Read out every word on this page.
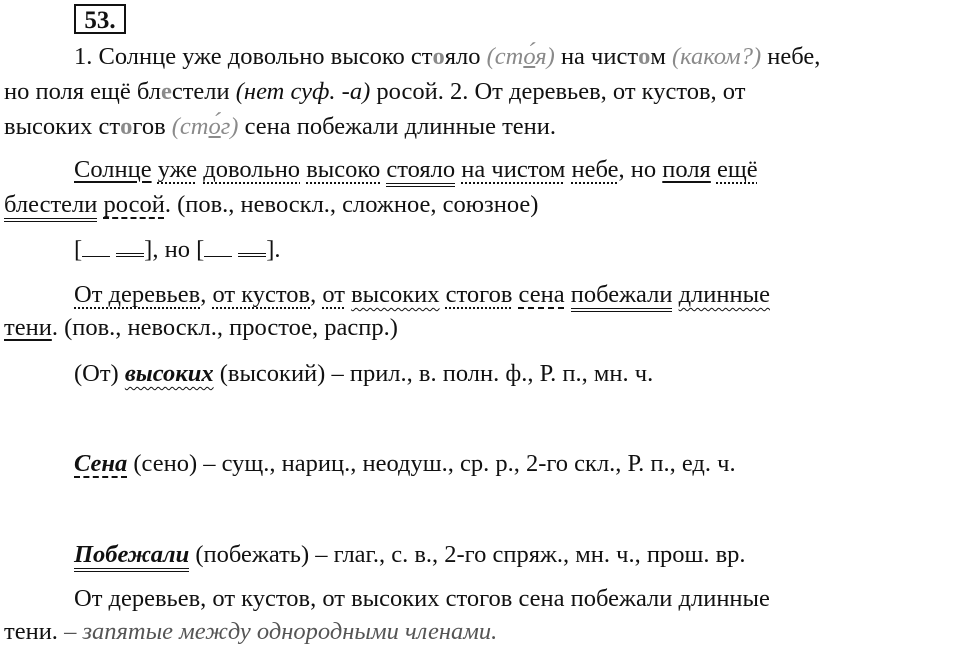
53.
1. Солнце уже довольно высоко стояло (сто́я) на чистом (каком?) небе,
но поля ещё блестели (нет суф. -а) росой. 2. От деревьев, от кустов, от
высоких стогов (сто́г) сена побежали длинные тени.
Солнце уже довольно высоко стояло на чистом небе, но поля ещё
блестели росой. (пов., невоскл., сложное, союзное)
[	], но [	].
От деревьев, от кустов, от высоких стогов сена побежали длинные
тени. (пов., невоскл., простое, распр.)
(От) высоких (высокий) – прил., в. полн. ф., Р. п., мн. ч.
Сена (сено) – сущ., нариц., неодуш., ср. р., 2-го скл., Р. п., ед. ч.
Побежали (побежать) – глаг., с. в., 2-го спряж., мн. ч., прош. вр.
От деревьев, от кустов, от высоких стогов сена побежали длинные
тени. – запятые между однородными членами.
